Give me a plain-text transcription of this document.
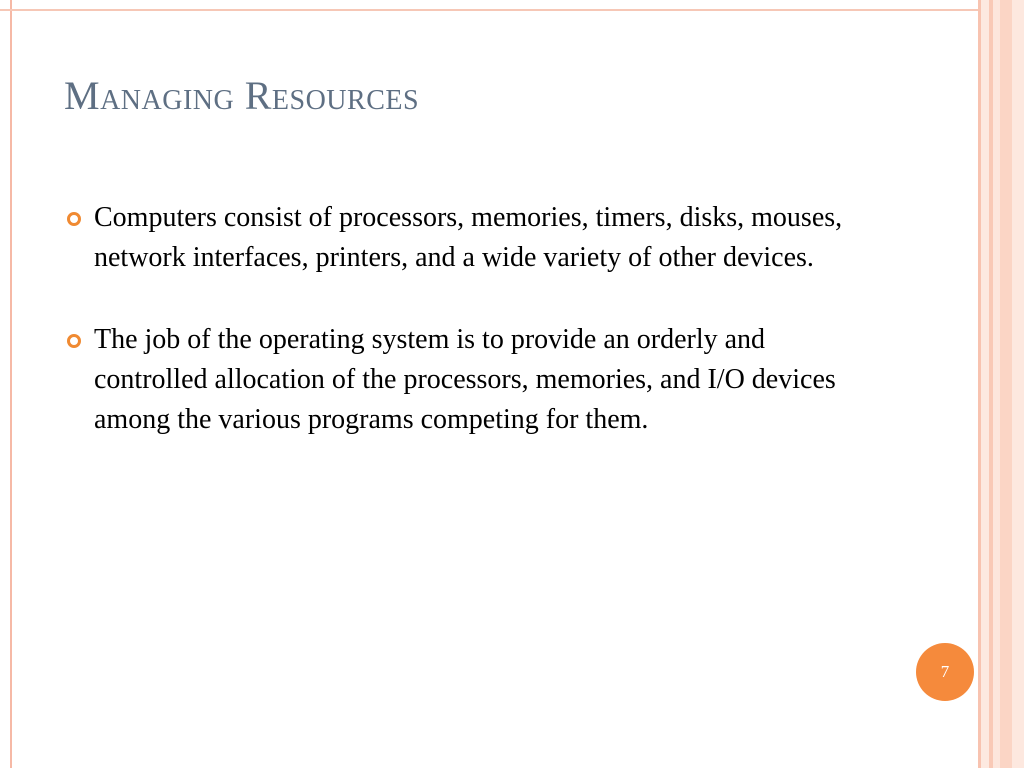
Managing Resources
Computers consist of processors, memories, timers, disks, mouses, network interfaces, printers, and a wide variety of other devices.
The job of the operating system is to provide an orderly and controlled allocation of the processors, memories, and I/O devices among the various programs competing for them.
7
